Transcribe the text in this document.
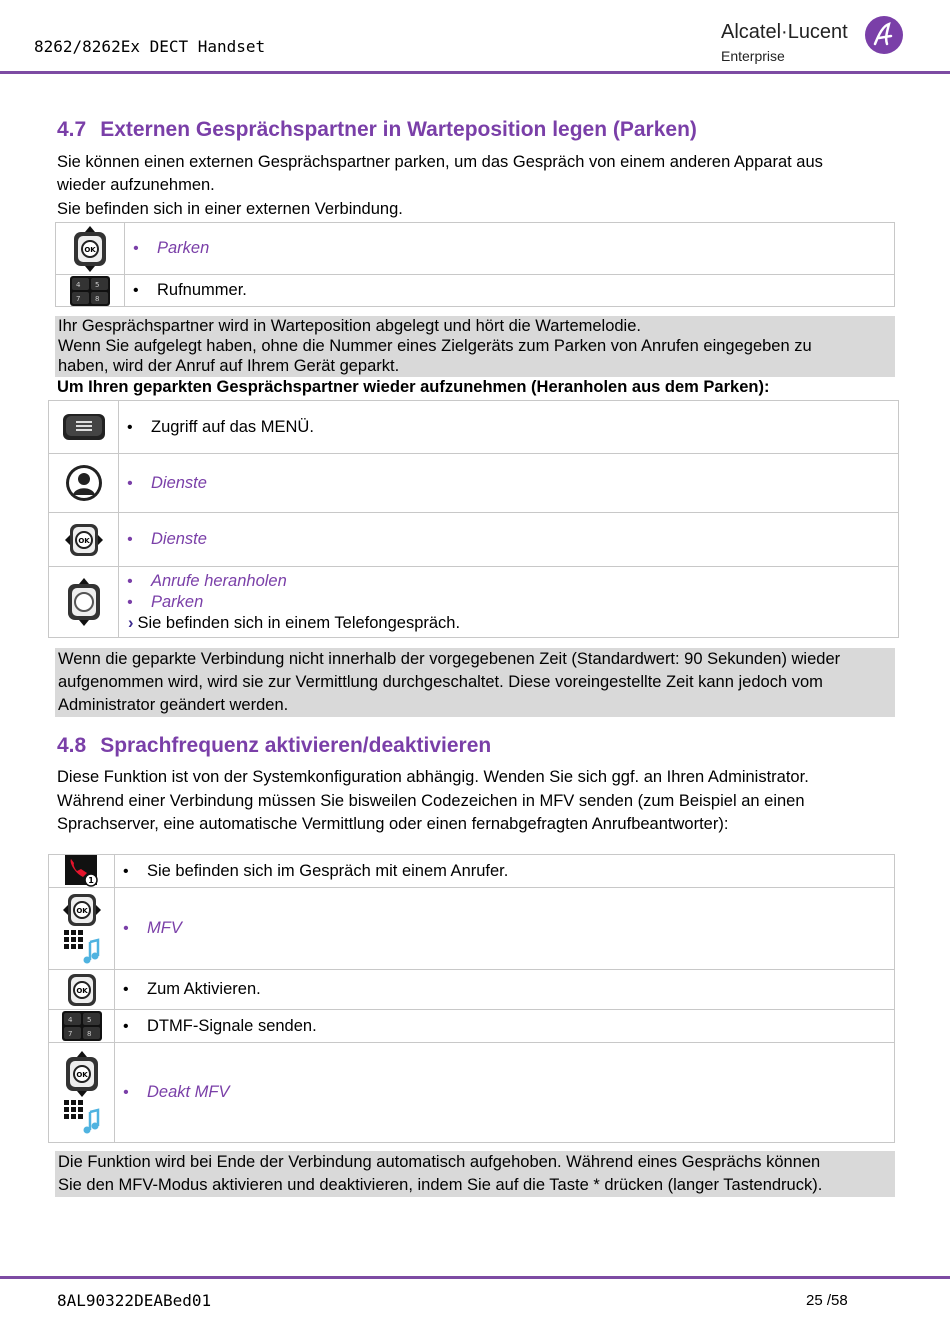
8262/8262Ex DECT Handset
Alcatel·Lucent
Enterprise
4.7 Externen Gesprächspartner in Warteposition legen (Parken)
Sie können einen externen Gesprächspartner parken, um das Gespräch von einem anderen Apparat aus
wieder aufzunehmen.
Sie befinden sich in einer externen Verbindung.
OK	• Parken

4 5
7 8	• Rufnummer.
Ihr Gesprächspartner wird in Warteposition abgelegt und hört die Wartemelodie.
Wenn Sie aufgelegt haben, ohne die Nummer eines Zielgeräts zum Parken von Anrufen eingegeben zu
haben, wird der Anruf auf Ihrem Gerät geparkt.
Um Ihren geparkten Gesprächspartner wieder aufzunehmen (Heranholen aus dem Parken):

• Zugriff auf das MENÜ.

• Dienste

OK	• Dienste

• Anrufe heranholen
• Parken
› Sie befinden sich in einem Telefongespräch.
Wenn die geparkte Verbindung nicht innerhalb der vorgegebenen Zeit (Standardwert: 90 Sekunden) wieder
aufgenommen wird, wird sie zur Vermittlung durchgeschaltet. Diese voreingestellte Zeit kann jedoch vom
Administrator geändert werden.
4.8 Sprachfrequenz aktivieren/deaktivieren
Diese Funktion ist von der Systemkonfiguration abhängig. Wenden Sie sich ggf. an Ihren Administrator.
Während einer Verbindung müssen Sie bisweilen Codezeichen in MFV senden (zum Beispiel an einen
Sprachserver, eine automatische Vermittlung oder einen fernabgefragten Anrufbeantworter):
1	• Sie befinden sich im Gespräch mit einem Anrufer.

OK	• MFV

OK	• Zum Aktivieren.

4 5
7 8	• DTMF-Signale senden.

OK	• Deakt MFV
Die Funktion wird bei Ende der Verbindung automatisch aufgehoben. Während eines Gesprächs können
Sie den MFV-Modus aktivieren und deaktivieren, indem Sie auf die Taste * drücken (langer Tastendruck).
8AL90322DEABed01	25 /58
